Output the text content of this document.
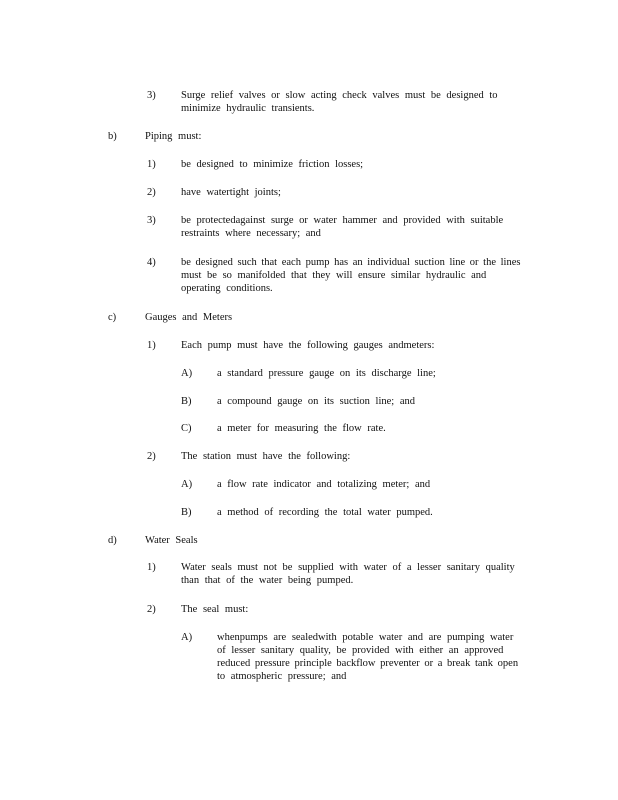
3) Surge relief valves or slow acting check valves must be designed to
minimize hydraulic transients.
b)	Piping must:
1) be designed to minimize friction losses;
2) have watertight joints;
3) be protectedagainst surge or water hammer and provided with suitable
restraints where necessary; and
4) be designed such that each pump has an individual suction line or the lines
must be so manifolded that they will ensure similar hydraulic and
operating conditions.
c)	Gauges and Meters
1) Each pump must have the following gauges andmeters:
A) a standard pressure gauge on its discharge line;
B) a compound gauge on its suction line; and
C) a meter for measuring the flow rate.
2) The station must have the following:
A) a flow rate indicator and totalizing meter; and
B) a method of recording the total water pumped.
d)	Water Seals
1) Water seals must not be supplied with water of a lesser sanitary quality
than that of the water being pumped.
2) The seal must:
A) whenpumps are sealedwith potable water and are pumping water
of lesser sanitary quality, be provided with either an approved
reduced pressure principle backflow preventer or a break tank open
to atmospheric pressure; and
